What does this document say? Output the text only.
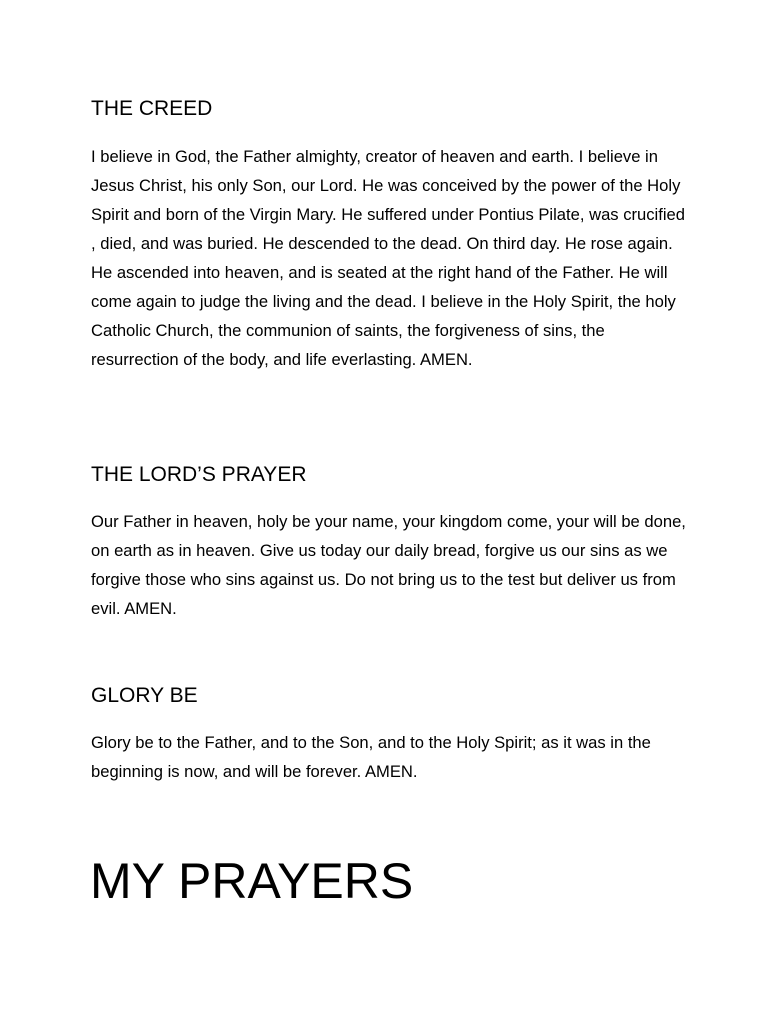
THE CREED

I believe in God, the Father almighty, creator of heaven and earth. I believe in Jesus Christ, his only Son, our Lord. He was conceived by the power of the Holy Spirit and born of the Virgin Mary. He suffered under Pontius Pilate, was crucified , died, and was buried. He descended to the dead. On third day. He rose again. He ascended into heaven, and is seated at the right hand of the Father. He will come again to judge the living and the dead. I believe in the Holy Spirit, the holy Catholic Church, the communion of saints, the forgiveness of sins, the resurrection of the body, and life everlasting. AMEN.

THE LORD’S PRAYER

Our Father in heaven, holy be your name, your kingdom come, your will be done, on earth as in heaven. Give us today our daily bread, forgive us our sins as we forgive those who sins against us. Do not bring us to the test but deliver us from evil. AMEN.

GLORY BE

Glory be to the Father, and to the Son, and to the Holy Spirit; as it was in the beginning is now, and will be forever. AMEN.

MY PRAYERS
